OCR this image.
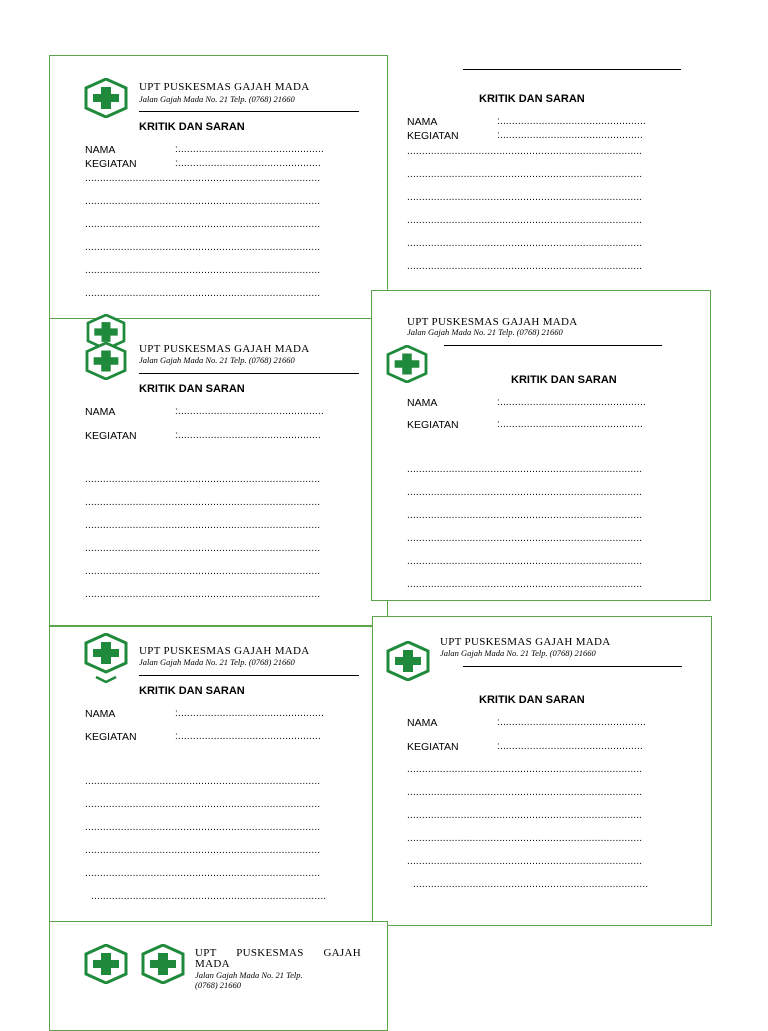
UPT PUSKESMAS GAJAH MADA
Jalan Gajah Mada No. 21 Telp. (0768) 21660
KRITIK DAN SARAN
NAMA	:.................................................
KEGIATAN	:................................................
...............................................................................
...............................................................................
...............................................................................
...............................................................................
...............................................................................
...............................................................................
KRITIK DAN SARAN
NAMA	:.................................................
KEGIATAN	:................................................
...............................................................................
...............................................................................
...............................................................................
...............................................................................
...............................................................................
...............................................................................
UPT PUSKESMAS GAJAH MADA
Jalan Gajah Mada No. 21 Telp. (0768) 21660
KRITIK DAN SARAN
NAMA	:.................................................
KEGIATAN	:................................................
...............................................................................
...............................................................................
...............................................................................
...............................................................................
...............................................................................
...............................................................................
UPT PUSKESMAS GAJAH MADA
Jalan Gajah Mada No. 21 Telp. (0768) 21660
KRITIK DAN SARAN
NAMA	:.................................................
KEGIATAN	:................................................
...............................................................................
...............................................................................
...............................................................................
...............................................................................
...............................................................................
...............................................................................
UPT PUSKESMAS GAJAH MADA
Jalan Gajah Mada No. 21 Telp. (0768) 21660
KRITIK DAN SARAN
NAMA	:.................................................
KEGIATAN	:................................................
...............................................................................
...............................................................................
...............................................................................
...............................................................................
...............................................................................
...............................................................................
UPT PUSKESMAS GAJAH MADA
Jalan Gajah Mada No. 21 Telp. (0768) 21660
KRITIK DAN SARAN
NAMA	:.................................................
KEGIATAN	:................................................
...............................................................................
...............................................................................
...............................................................................
...............................................................................
...............................................................................
...............................................................................
UPT PUSKESMAS GAJAH
MADA
Jalan Gajah Mada No. 21 Telp.
(0768) 21660
